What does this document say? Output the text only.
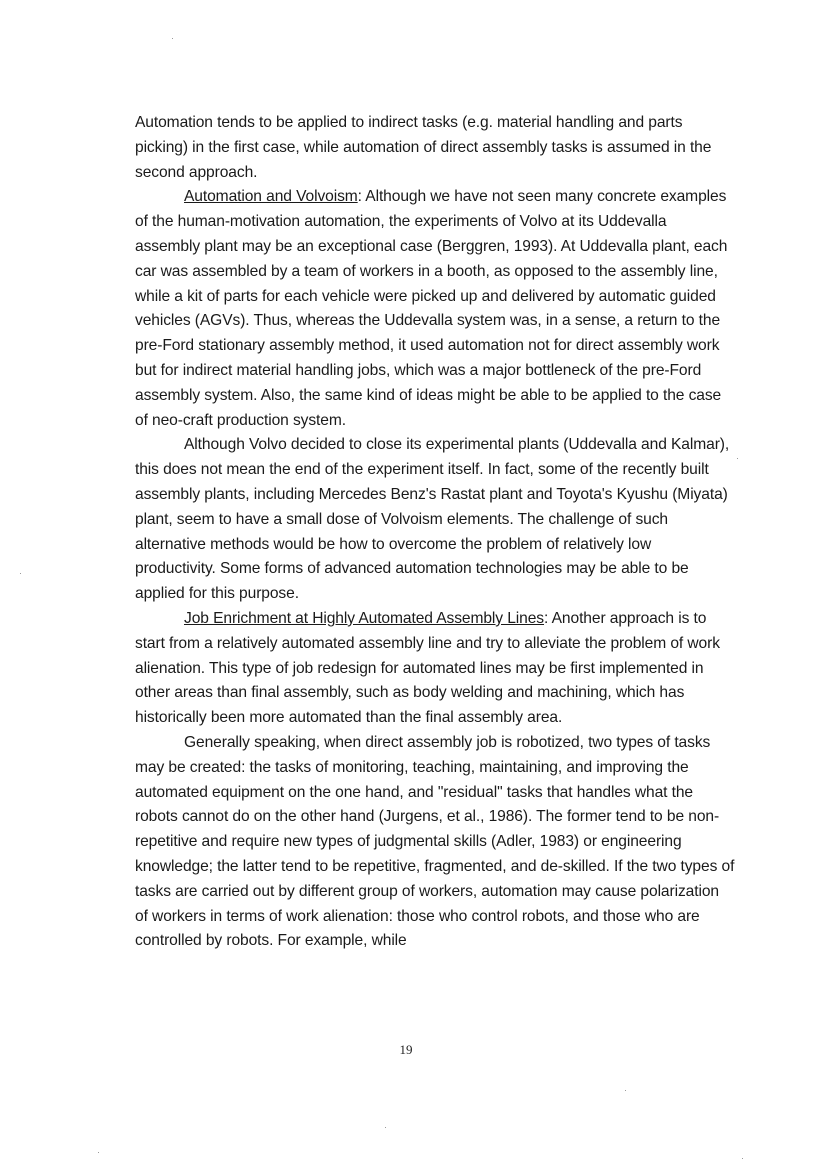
Automation tends to be applied to indirect tasks (e.g. material handling and parts picking) in the first case, while automation of direct assembly tasks is assumed in the second approach.

Automation and Volvoism: Although we have not seen many concrete examples of the human-motivation automation, the experiments of Volvo at its Uddevalla assembly plant may be an exceptional case (Berggren, 1993). At Uddevalla plant, each car was assembled by a team of workers in a booth, as opposed to the assembly line, while a kit of parts for each vehicle were picked up and delivered by automatic guided vehicles (AGVs). Thus, whereas the Uddevalla system was, in a sense, a return to the pre-Ford stationary assembly method, it used automation not for direct assembly work but for indirect material handling jobs, which was a major bottleneck of the pre-Ford assembly system. Also, the same kind of ideas might be able to be applied to the case of neo-craft production system.

Although Volvo decided to close its experimental plants (Uddevalla and Kalmar), this does not mean the end of the experiment itself. In fact, some of the recently built assembly plants, including Mercedes Benz's Rastat plant and Toyota's Kyushu (Miyata) plant, seem to have a small dose of Volvoism elements. The challenge of such alternative methods would be how to overcome the problem of relatively low productivity. Some forms of advanced automation technologies may be able to be applied for this purpose.

Job Enrichment at Highly Automated Assembly Lines: Another approach is to start from a relatively automated assembly line and try to alleviate the problem of work alienation. This type of job redesign for automated lines may be first implemented in other areas than final assembly, such as body welding and machining, which has historically been more automated than the final assembly area.

Generally speaking, when direct assembly job is robotized, two types of tasks may be created: the tasks of monitoring, teaching, maintaining, and improving the automated equipment on the one hand, and "residual" tasks that handles what the robots cannot do on the other hand (Jurgens, et al., 1986). The former tend to be non-repetitive and require new types of judgmental skills (Adler, 1983) or engineering knowledge; the latter tend to be repetitive, fragmented, and de-skilled. If the two types of tasks are carried out by different group of workers, automation may cause polarization of workers in terms of work alienation: those who control robots, and those who are controlled by robots. For example, while

19
